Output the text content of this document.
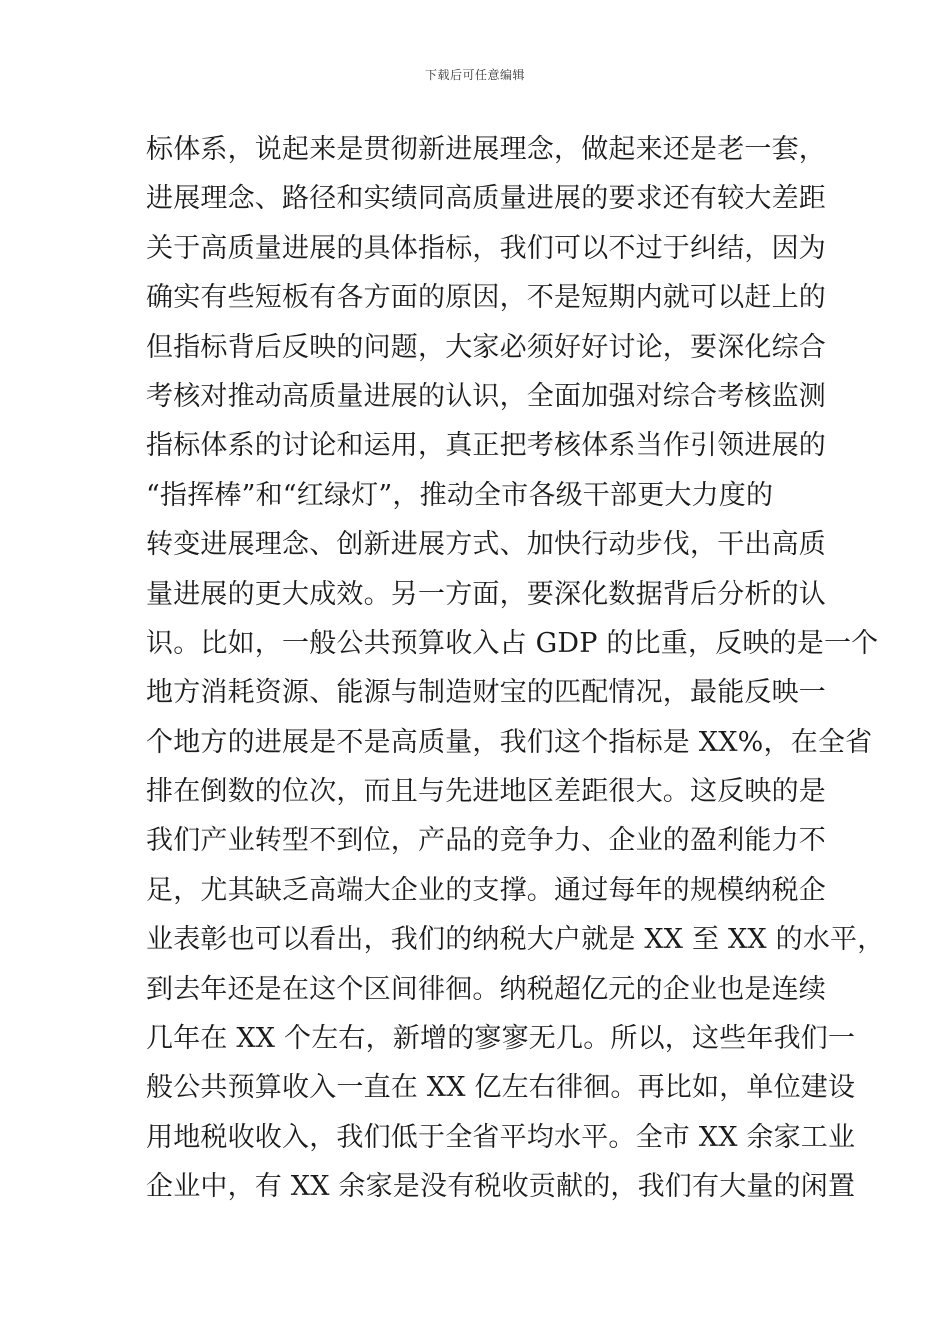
下载后可任意编辑
标体系，说起来是贯彻新进展理念，做起来还是老一套，
进展理念、路径和实绩同高质量进展的要求还有较大差距
关于高质量进展的具体指标，我们可以不过于纠结，因为
确实有些短板有各方面的原因，不是短期内就可以赶上的
但指标背后反映的问题，大家必须好好讨论，要深化综合
考核对推动高质量进展的认识，全面加强对综合考核监测
指标体系的讨论和运用，真正把考核体系当作引领进展的
“指挥棒”和“红绿灯”，推动全市各级干部更大力度的
转变进展理念、创新进展方式、加快行动步伐，干出高质
量进展的更大成效。另一方面，要深化数据背后分析的认
识。比如，一般公共预算收入占 GDP 的比重，反映的是一个
地方消耗资源、能源与制造财宝的匹配情况，最能反映一
个地方的进展是不是高质量，我们这个指标是 XX%，在全省
排在倒数的位次，而且与先进地区差距很大。这反映的是
我们产业转型不到位，产品的竞争力、企业的盈利能力不
足，尤其缺乏高端大企业的支撑。通过每年的规模纳税企
业表彰也可以看出，我们的纳税大户就是 XX 至 XX 的水平，
到去年还是在这个区间徘徊。纳税超亿元的企业也是连续
几年在 XX 个左右，新增的寥寥无几。所以，这些年我们一
般公共预算收入一直在 XX 亿左右徘徊。再比如，单位建设
用地税收收入，我们低于全省平均水平。全市 XX 余家工业
企业中，有 XX 余家是没有税收贡献的，我们有大量的闲置
